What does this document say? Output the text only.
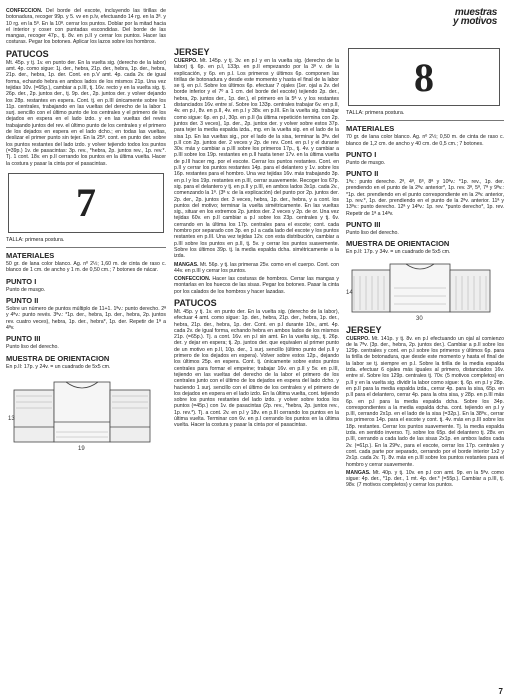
muestras
y motivos

CONFECCION. Del borde del escote, incluyendo las tirillas de botonadura, recoger 99p. y 5. vv en p.lv, efectuando 14 rg. en la 3ª. y 10 rg. en la 5ª. En la 10ª. cerrar los puntos. Doblar por la mitad hacia el interior y coser con puntadas escondidas. Del borde de las mangas, recoger 47p., tj. 8v. en p.II y cerrar los puntos. Hacer las costuras. Pegar los botones. Aplicar los lazos sobre los hombros.

PATUCOS

Mt. 45p. y tj. 1v. en punto der. En la vuelta sig. (derecho de la labor) amt. 4p. como sigue: 1j. der., hebra, 21p. der., hebra, 1p. der., hebra, 21p. der., hebra, 1p. der. Cont. en p.V amt. 4p. cada 2v. de igual forma, echando hebra en ambos lados de los mismos 21p. Una vez tejidas 10v. (=65p.), cambiar a p.III, tj. 16v. recto y en la vuelta sig. tj. 26p. der., 2p. juntos der., tj. 9p. der., 2p. juntos der. y volver dejando los 28p. restantes en espera. Cont. tj. en p.III únicamente sobre los 11p. centrales, trabajando en las vueltas del derecho de la labor 1 surj. sencillo con el último punto de los centrales y el primero de los dejados en espera en el lado izdo. y en las vueltas del revés trabajando juntos del rev. el último punto de los centrales y el primero de los dejados en espera en el lado dcho.; en todas las vueltas, deslizar el primer punto sin tejer. En la 25ª. cont. en punto der. sobre los puntos restantes del lado izdo. y volver tejiendo todos los puntos (=39p.) 1v. de pasacintas: 3p. rev., *hebra, 2p. juntos rev., 1p. rev.*. Tj. 1 cont. 18v. en p.II cerrando los puntos en la última vuelta. Hacer la costura y pasar la cinta por el pasacintas.

7

TALLA: primera postura.

MATERIALES

50 gr. de lana color blanco. Ag. nº 2½; 1,60 m. de cinta de raso c. blanco de 1 cm. de ancho y 1 m. de 0,50 cm.; 7 botones de nácar.

PUNTO I

Punto de musgo.

PUNTO II

Sobre un número de puntos múltiplo de 11+1. 1ªv.: punto derecho. 2ª y 4ªv.: punto revés. 3ªv.: *1p. der., hebra, 1p. der., hebra, 2p. juntos rev. cuatro veces), hebra, 1p. der., hebra*, 1p. der. Repetir de 1ª a 4ªv.

PUNTO III

Punto liso del derecho.

MUESTRA DE ORIENTACION

En p.II: 17p. y 24v. = un cuadrado de 5x5 cm.

13
19
JERSEY

CUERPO. Mt. 145p. y tj. 3v. en p.I y en la vuelta sig. (derecho de la labor) tj. 6p. en p.I, 133p. en p.II empezando por la 3ª v. de la explicación, y 6p. en p.I. Los primeros y últimos 6p. componen las tirillas de botonadura y desde este momento y hasta el final de la labor se tj. en p.I. Sobre los últimos 6p. efectuar 7 ojales (1er. ojal a 2v. del borde inferior y el 7º a 1 cm. del borde del escote) tejiendo 2p. der., hebra, 2p. juntos der., 1p. der.), el primero en la 5ª v. y los restantes distanciados 16v. entre sí. Sobre los 133p. centrales trabajar 6v. en p.II, 4v. en p.I, 8v. en p.II, 4v. en p.I y 38v. en p.III. En la vuelta sig. trabajar como sigue: 6p. en p.I, 30p. en p.II (la última repetición termina con 2p. juntos der. 3 veces), 1p. der., 2p. juntos der. y volver sobre estos 37p. para tejer la media espalda izda., mg. en la vuelta sig. en el lado de la sisa 1p. En las vueltas sig., por el lado de la sisa, terminar la 3ªv. del p.II con 2p. juntos der. 2 veces y 2p. de rev. Cont. en p.I y el durante 30v. más y cambiar a p.III sobre los primeros 17p., tj. 4v. y cambiar a p.III sobre los 19p. restantes en p.II hasta tener 17v. en la última vuelta de p.III hacer mg. por el escote. Cerrar los puntos restantes. Cont. en p.II y cerrar los puntos restantes 14p. para el delantero y 1v. sobre los 16p. restantes para el hombro. Una vez tejidas 16v. más trabajando 3p. en p.I y los 19p. restantes en p.III, cerrar suavemente. Recoger los 67p. sig. para el delantero y tj. en p.II y p.III, en ambos lados 3x1p. cada 2v., comenzando la 1ª. (3ª v. de la explicación) del punto por 2p. juntos der. 2p. der., 2p. juntos der. 3 veces, hebra, 1p. der., hebra, y a cont. los puntos del motivo; terminar la vuelta simétricamente. En las vueltas sig., situar en los extremos 2p. juntos der. 2 veces y 2p. de or. Una vez tejidas 60v. en p.II cambiar a p.I sobre los 23p. centrales y tj. 6v. cerrando en la última los 17p. centrales para el escote; cont. cada hombro por separado con 3p. en p.I a cada lado del escote y los puntos restantes en p.III. Una vez tejidas 12v. con esta distribución, cambiar a p.III sobre los puntos en p.II, tj. 5v. y cerrar los puntos suavemente. Sobre los últimos 39p. tj. la media espalda dcha. simétricamente a la izda.

MANGAS. Mt. 56p. y tj. las primeras 25v. como en el cuerpo. Cont. con 44v. en p.III y cerrar los puntos.

CONFECCION. Hacer las costuras de hombros. Cerrar las mangas y montarlas en los huecos de las sisas. Pegar los botones. Pasar la cinta por los calados de los hombros y hacer lazadas.

PATUCOS

Mt. 45p. y tj. 1v. en punto der. En la vuelta sig. (derecho de la labor), efectuar 4 amt. como sigue: 1p. der., hebra, 21p. der., hebra, 1p. der., hebra, 21p. der., hebra, 1p. der. Cont. en p.I durante 10v., amt. 4p. cada 2v. de igual forma, echando hebra en ambos lados de los mismos 21p. (=65p.). Tj. a cont. 16v. en p.I sin amt. En la vuelta sig., tj. 26p. der. y dejar en espera; tj. 2p. juntos der. que equivalen al primer punto de un motivo en p.II, 10p. der., 1 surj. sencillo (último punto del p.II y primero de los dejados en espera). Volver sobre estos 12p., dejando los últimos 25p. en espera. Cont. tj. únicamente sobre estos puntos centrales para formar el empeine; trabajar 16v. en p.II y 5v. en p.III, tejiendo en las vueltas del derecho de la labor el primero de los centrales junto con el último de los dejados en espera del lado dcho. y haciendo 1 surj. sencillo con el último de los centrales y el primero de los dejados en espera en el lado izdo. En la última vuelta, cont. tejiendo sobre los puntos restantes del lado izdo. y volver sobre todos los puntos (=45p.) con 1v. de pasacintas (2p. rev., *hebra, 2p. juntos rev., 1p. rev.*). Tj. a cont. 2v. en p.I y 18v. en p.III cerrando los puntos en la última vuelta. Terminar con 6v. en p.I cerrando los puntos en la última vuelta. Hacer la costura y pasar la cinta por el pasacintas.

8

TALLA: primera postura.

MATERIALES

70 gr. de lana color blanco. Ag. nº 2½; 0,50 m. de cinta de raso c. blanco de 1,2 cm. de ancho y 40 cm. de 0,5 cm.; 7 botones.

PUNTO I

Punto de musgo.

PUNTO II

1ªv.: punto derecho. 2ª, 4ª, 6ª, 8ª y 10ªv.: *1p. rev., 1p. der. prendiendo en el punto de la 2ªv. anterior*, 1p. rev. 3ª, 5ª, 7ª y 9ªv.: *1p. der. prendiendo en el punto correspondiente en la 2ªv. anterior, 1p. rev.*, 1p. der. prendiendo en el punto de la 2ªv. anterior. 11ª y 13ªv.: punto derecho. 12ª y 14ªv.: 1p. rev. *punto derecho*, 1p. rev. Repetir de 1ª a 14ªv.

PUNTO III

Punto liso del derecho.

MUESTRA DE ORIENTACION

En p.II: 17p. y 34v. = un cuadrado de 5x5 cm.

14
30
JERSEY

CUERPO. Mt. 141p. y tj. 8v. en p.I efectuando un ojal al comienzo de la 7ªv. (3p. der., hebra, 2p. juntos der.). Cambiar a p.II sobre los 129p. centrales y cont. en p.I sobre los primeros y últimos 6p. para la tirilla de botonadura, que desde este momento y hasta el final de la labor se tj. siempre en p.I. Sobre la tirilla de la media espalda izda. efectuar 6 ojales más iguales al primero, distanciados 16v. entre sí. Sobre los 129p. centrales tj. 70v. (5 motivos completos) en p.II y en la vuelta sig. dividir la labor como sigue: tj. 6p. en p.I y 28p. en p.II para la media espalda izda., cerrar 4p. para la sisa, 65p. en p.II para el delantero, cerrar 4p. para la otra sisa, y 28p. en p.III más 6p. en p.I para la media espalda dcha. Sobre los 34p. correspondientes a la media espalda dcha. cont. tejiendo en p.I y p.III, cerrando 2x1p. en el lado de la sisa (=32p.). En la 38ªv., cerrar los primeros 14p. para el escote y cont. tj. 4v. más en p.III sobre los 18p. restantes. Cerrar los puntos suavemente. Tj. la media espalda izda. en sentido inverso. Tj. sobre los 65p. del delantero tj. 28v. en p.III, cerrando a cada lado de las sisas 2x1p. en ambos lados cada 2v. (=61p.). En la 29ªv., para el escote, cerrar los 17p. centrales y cont. cada parte por separado, cerrando por el borde interior 1x2 y 2x1p. cada 2v. Tj. 8v. más en p.III sobre los puntos restantes para el hombro y cerrar suavemente.

MANGAS. Mt. 40p. y tj. 10v. en p.I con amt. 9p. en la 5ªv. como sigue: 4p. der., *1p. der., 1 mt. 4p. der.* (=55p.). Cambiar a p.III, tj. 98v. (7 motivos completos) y cerrar los puntos.

7
